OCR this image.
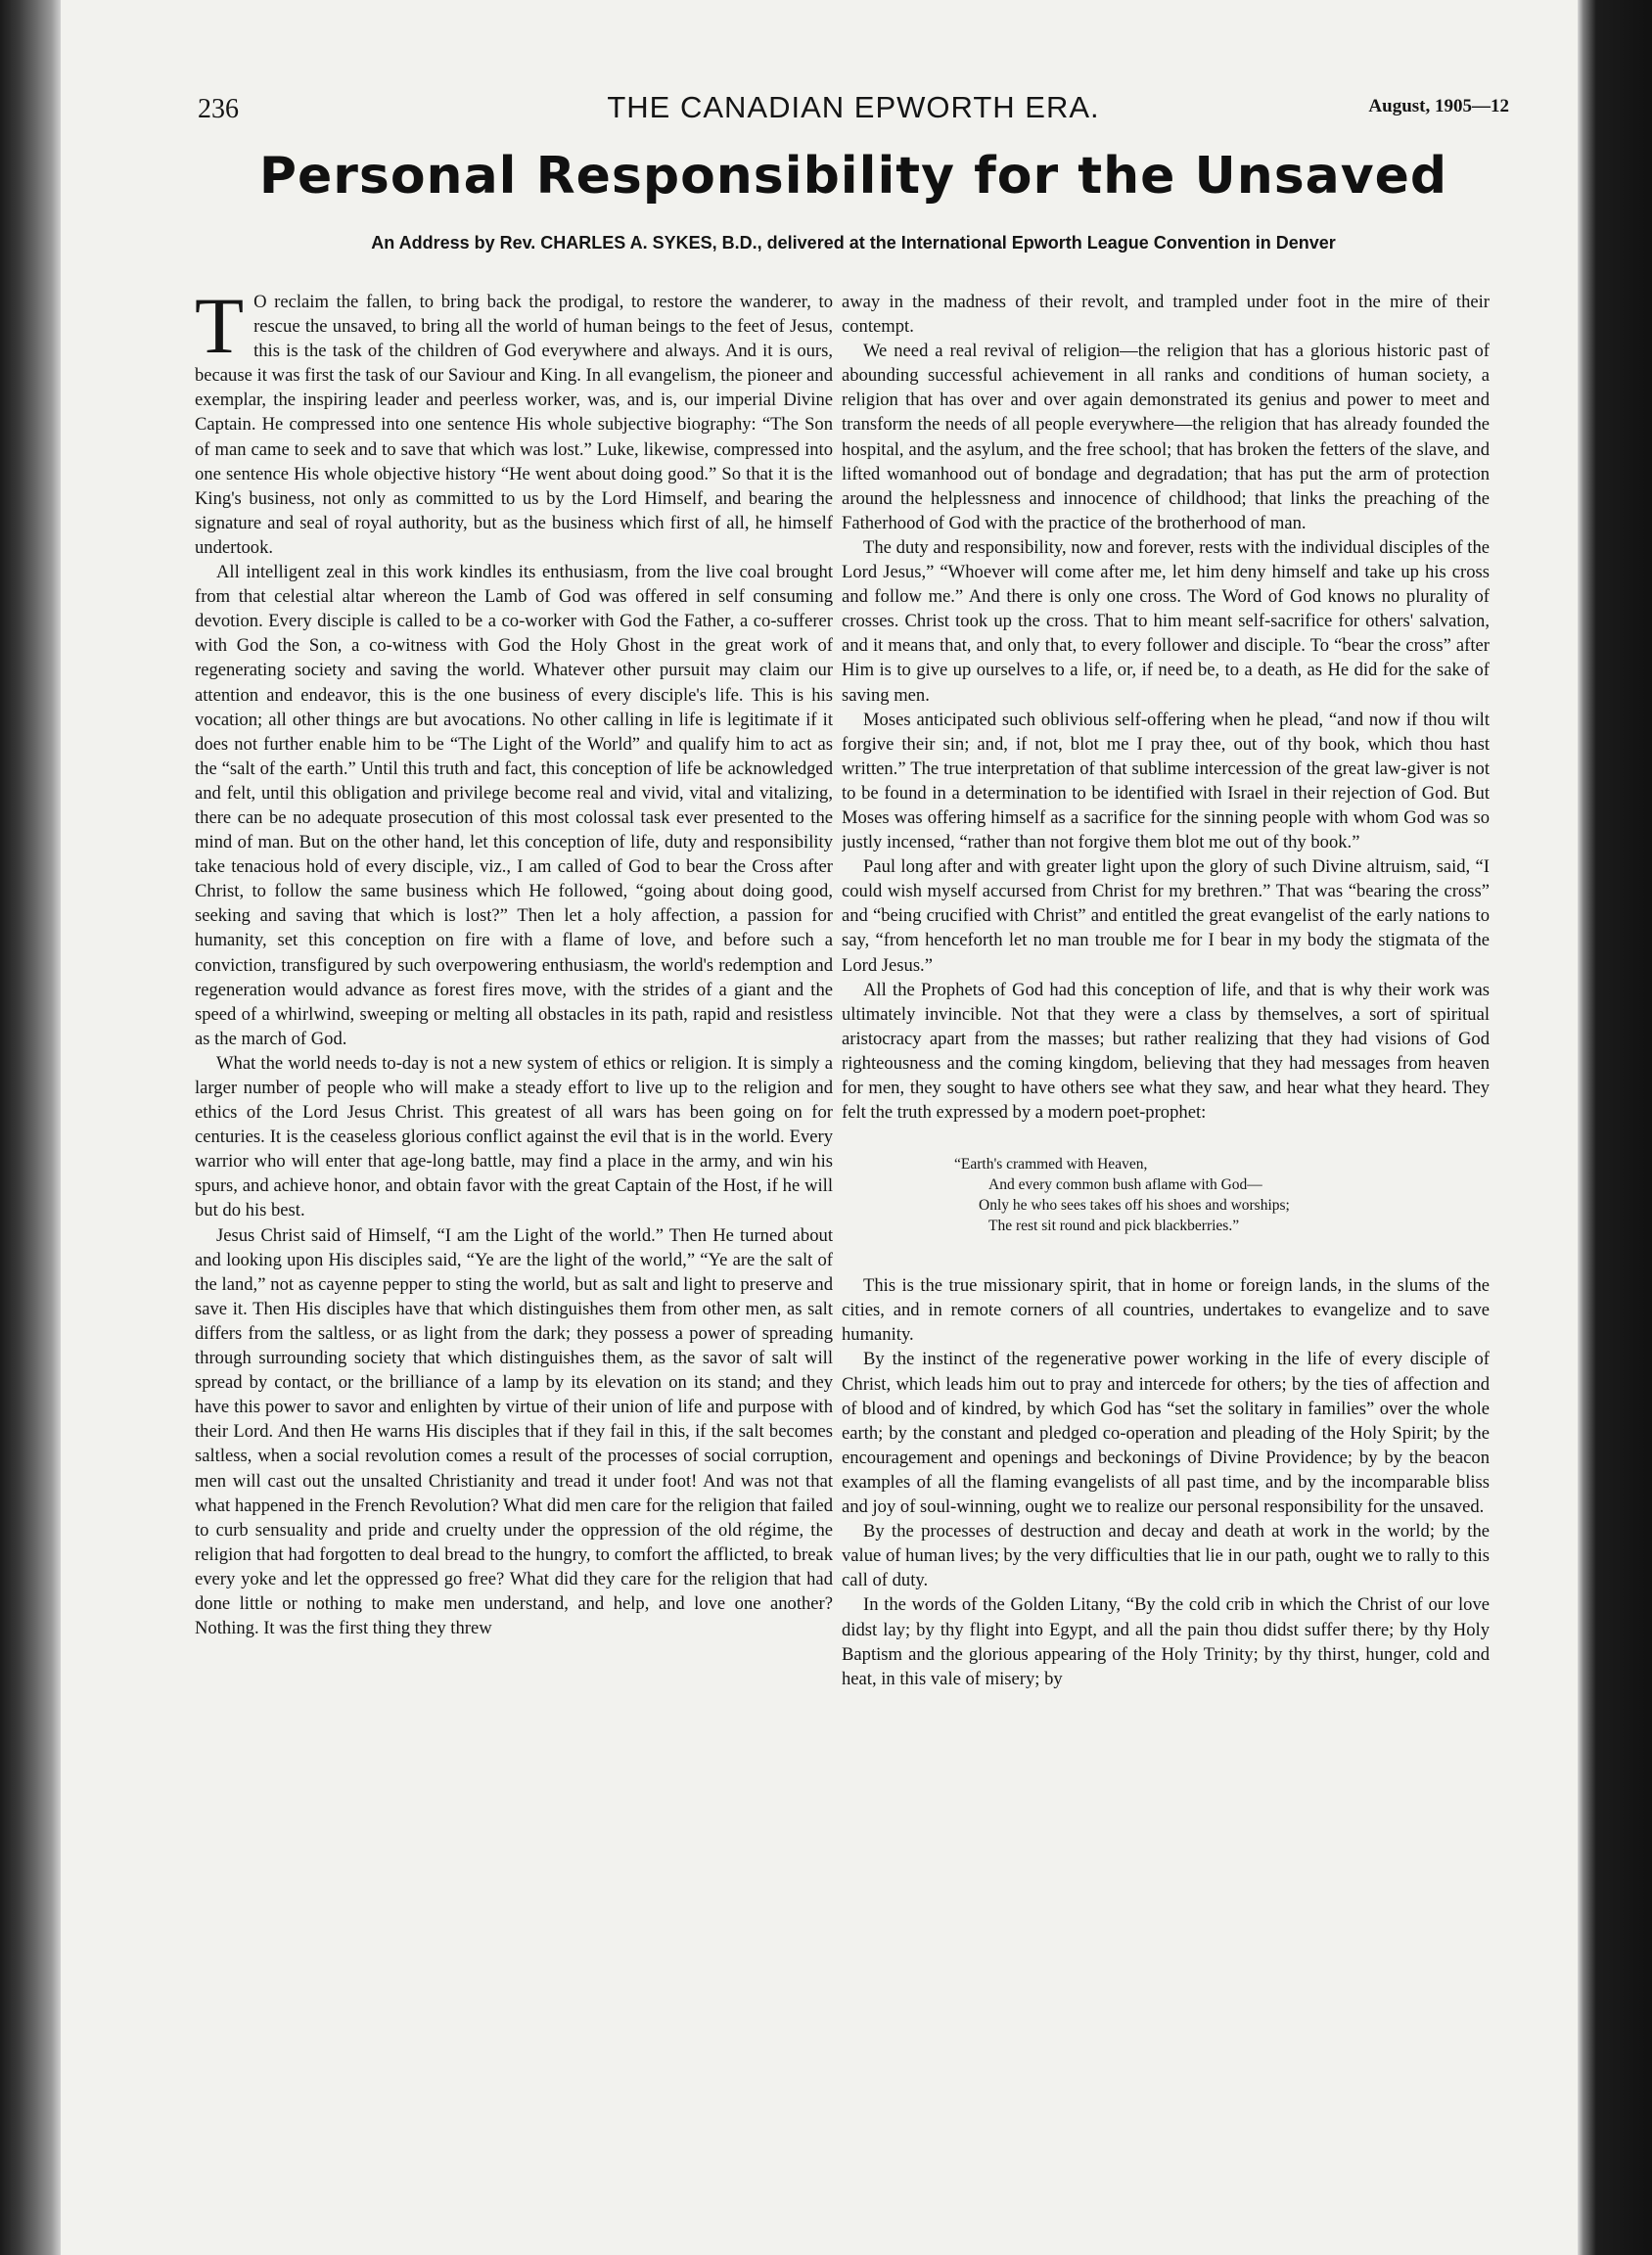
236	THE CANADIAN EPWORTH ERA.	August, 1905—12
Personal Responsibility for the Unsaved
An Address by Rev. CHARLES A. SYKES, B.D., delivered at the International Epworth League Convention in Denver

T O reclaim the fallen, to bring back the prodigal, to restore the wanderer, to rescue the unsaved, to bring all the world of human beings to the feet of Jesus, this is the task of the children of God everywhere and always. And it is ours, because it was first the task of our Saviour and King. In all evangelism, the pioneer and exemplar, the inspiring leader and peerless worker, was, and is, our imperial Divine Captain. He compressed into one sentence His whole subjective biography: “The Son of man came to seek and to save that which was lost.” Luke, likewise, compressed into one sentence His whole objective history “He went about doing good.” So that it is the King's business, not only as committed to us by the Lord Himself, and bearing the signature and seal of royal authority, but as the business which first of all, he himself undertook.

All intelligent zeal in this work kindles its enthusiasm, from the live coal brought from that celestial altar whereon the Lamb of God was offered in self consuming devotion. Every disciple is called to be a co-worker with God the Father, a co-sufferer with God the Son, a co-witness with God the Holy Ghost in the great work of regenerating society and saving the world. Whatever other pursuit may claim our attention and endeavor, this is the one business of every disciple's life. This is his vocation; all other things are but avocations. No other calling in life is legitimate if it does not further enable him to be “The Light of the World” and qualify him to act as the “salt of the earth.” Until this truth and fact, this conception of life be acknowledged and felt, until this obligation and privilege become real and vivid, vital and vitalizing, there can be no adequate prosecution of this most colossal task ever presented to the mind of man. But on the other hand, let this conception of life, duty and responsibility take tenacious hold of every disciple, viz., I am called of God to bear the Cross after Christ, to follow the same business which He followed, “going about doing good, seeking and saving that which is lost?” Then let a holy affection, a passion for humanity, set this conception on fire with a flame of love, and before such a conviction, transfigured by such overpowering enthusiasm, the world's redemption and regeneration would advance as forest fires move, with the strides of a giant and the speed of a whirlwind, sweeping or melting all obstacles in its path, rapid and resistless as the march of God.

What the world needs to-day is not a new system of ethics or religion. It is simply a larger number of people who will make a steady effort to live up to the religion and ethics of the Lord Jesus Christ. This greatest of all wars has been going on for centuries. It is the ceaseless glorious conflict against the evil that is in the world. Every warrior who will enter that age-long battle, may find a place in the army, and win his spurs, and achieve honor, and obtain favor with the great Captain of the Host, if he will but do his best.

Jesus Christ said of Himself, “I am the Light of the world.” Then He turned about and looking upon His disciples said, “Ye are the light of the world,” “Ye are the salt of the land,” not as cayenne pepper to sting the world, but as salt and light to preserve and save it. Then His disciples have that which distinguishes them from other men, as salt differs from the saltless, or as light from the dark; they possess a power of spreading through surrounding society that which distinguishes them, as the savor of salt will spread by contact, or the brilliance of a lamp by its elevation on its stand; and they have this power to savor and enlighten by virtue of their union of life and purpose with their Lord. And then He warns His disciples that if they fail in this, if the salt becomes saltless, when a social revolution comes a result of the processes of social corruption, men will cast out the unsalted Christianity and tread it under foot! And was not that what happened in the French Revolution? What did men care for the religion that failed to curb sensuality and pride and cruelty under the oppression of the old régime, the religion that had forgotten to deal bread to the hungry, to comfort the afflicted, to break every yoke and let the oppressed go free? What did they care for the religion that had done little or nothing to make men understand, and help, and love one another? Nothing. It was the first thing they threw

away in the madness of their revolt, and trampled under foot in the mire of their contempt.

We need a real revival of religion—the religion that has a glorious historic past of abounding successful achievement in all ranks and conditions of human society, a religion that has over and over again demonstrated its genius and power to meet and transform the needs of all people everywhere—the religion that has already founded the hospital, and the asylum, and the free school; that has broken the fetters of the slave, and lifted womanhood out of bondage and degradation; that has put the arm of protection around the helplessness and innocence of childhood; that links the preaching of the Fatherhood of God with the practice of the brotherhood of man.

The duty and responsibility, now and forever, rests with the individual disciples of the Lord Jesus,” “Whoever will come after me, let him deny himself and take up his cross and follow me.” And there is only one cross. The Word of God knows no plurality of crosses. Christ took up the cross. That to him meant self-sacrifice for others' salvation, and it means that, and only that, to every follower and disciple. To “bear the cross” after Him is to give up ourselves to a life, or, if need be, to a death, as He did for the sake of saving men.

Moses anticipated such oblivious self-offering when he plead, “and now if thou wilt forgive their sin; and, if not, blot me I pray thee, out of thy book, which thou hast written.” The true interpretation of that sublime intercession of the great law-giver is not to be found in a determination to be identified with Israel in their rejection of God. But Moses was offering himself as a sacrifice for the sinning people with whom God was so justly incensed, “rather than not forgive them blot me out of thy book.”

Paul long after and with greater light upon the glory of such Divine altruism, said, “I could wish myself accursed from Christ for my brethren.” That was “bearing the cross” and “being crucified with Christ” and entitled the great evangelist of the early nations to say, “from henceforth let no man trouble me for I bear in my body the stigmata of the Lord Jesus.”

All the Prophets of God had this conception of life, and that is why their work was ultimately invincible. Not that they were a class by themselves, a sort of spiritual aristocracy apart from the masses; but rather realizing that they had visions of God righteousness and the coming kingdom, believing that they had messages from heaven for men, they sought to have others see what they saw, and hear what they heard. They felt the truth expressed by a modern poet-prophet:

“Earth's crammed with Heaven,
And every common bush aflame with God—
Only he who sees takes off his shoes and worships;
The rest sit round and pick blackberries.”

This is the true missionary spirit, that in home or foreign lands, in the slums of the cities, and in remote corners of all countries, undertakes to evangelize and to save humanity.

By the instinct of the regenerative power working in the life of every disciple of Christ, which leads him out to pray and intercede for others; by the ties of affection and of blood and of kindred, by which God has “set the solitary in families” over the whole earth; by the constant and pledged co-operation and pleading of the Holy Spirit; by the encouragement and openings and beckonings of Divine Providence; by by the beacon examples of all the flaming evangelists of all past time, and by the incomparable bliss and joy of soul-winning, ought we to realize our personal responsibility for the unsaved.

By the processes of destruction and decay and death at work in the world; by the value of human lives; by the very difficulties that lie in our path, ought we to rally to this call of duty.

In the words of the Golden Litany, “By the cold crib in which the Christ of our love didst lay; by thy flight into Egypt, and all the pain thou didst suffer there; by thy Holy Baptism and the glorious appearing of the Holy Trinity; by thy thirst, hunger, cold and heat, in this vale of misery; by
